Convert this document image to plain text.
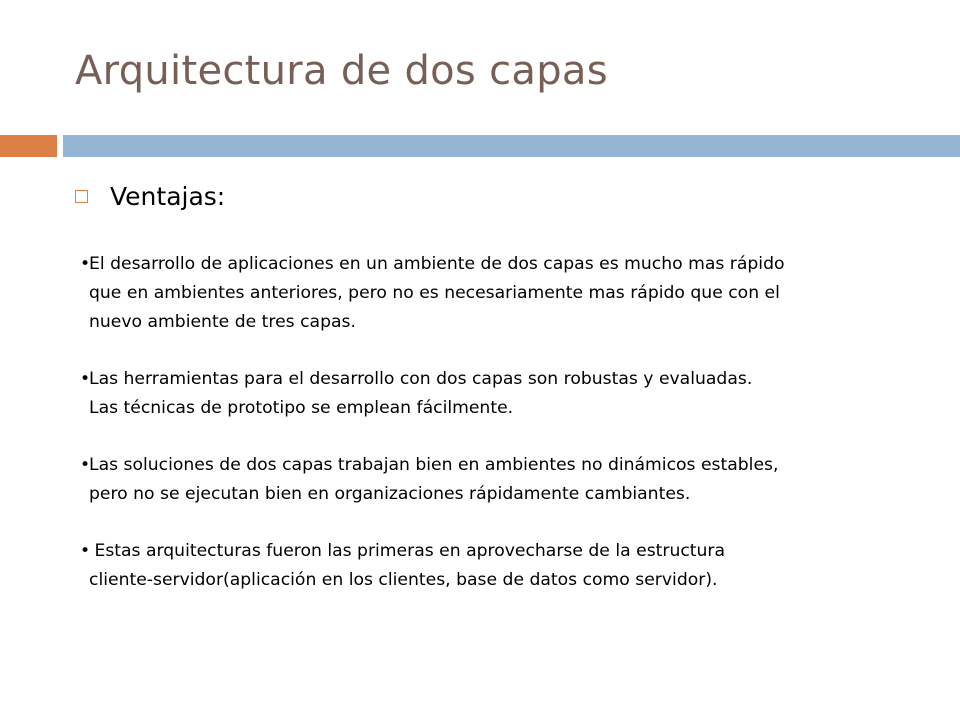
Arquitectura de dos capas
Ventajas:
•El desarrollo de aplicaciones en un ambiente de dos capas es mucho mas rápido
que en ambientes anteriores, pero no es necesariamente mas rápido que con el
nuevo ambiente de tres capas.
•Las herramientas para el desarrollo con dos capas son robustas y evaluadas.
Las técnicas de prototipo se emplean fácilmente.
•Las soluciones de dos capas trabajan bien en ambientes no dinámicos estables,
pero no se ejecutan bien en organizaciones rápidamente cambiantes.
• Estas arquitecturas fueron las primeras en aprovecharse de la estructura
cliente-servidor(aplicación en los clientes, base de datos como servidor).
